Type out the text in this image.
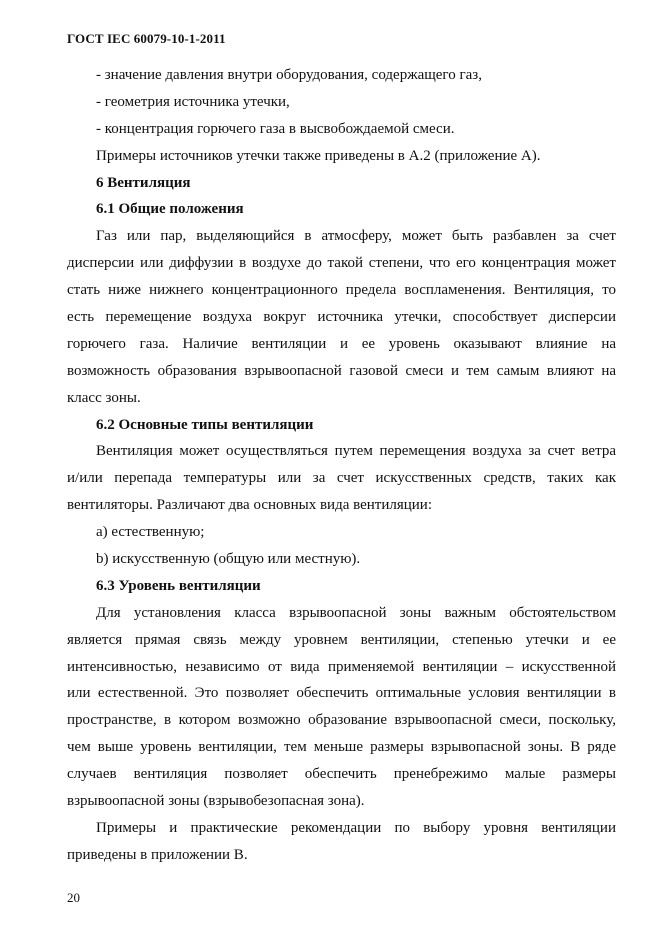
ГОСТ IEC 60079-10-1-2011
- значение давления внутри оборудования, содержащего газ,
- геометрия источника утечки,
- концентрация горючего газа в высвобождаемой смеси.
Примеры источников утечки также приведены в А.2 (приложение А).
6 Вентиляция
6.1 Общие положения
Газ или пар, выделяющийся в атмосферу, может быть разбавлен за счет
дисперсии или диффузии в воздухе до такой степени, что его концентрация может
стать ниже нижнего концентрационного предела воспламенения. Вентиляция, то
есть перемещение воздуха вокруг источника утечки, способствует дисперсии
горючего газа. Наличие вентиляции и ее уровень оказывают влияние на
возможность образования взрывоопасной газовой смеси и тем самым влияют на
класс зоны.
6.2 Основные типы вентиляции
Вентиляция может осуществляться путем перемещения воздуха за счет ветра
и/или перепада температуры или за счет искусственных средств, таких как
вентиляторы. Различают два основных вида вентиляции:
a) естественную;
b) искусственную (общую или местную).
6.3 Уровень вентиляции
Для установления класса взрывоопасной зоны важным обстоятельством
является прямая связь между уровнем вентиляции, степенью утечки и ее
интенсивностью, независимо от вида применяемой вентиляции – искусственной
или естественной. Это позволяет обеспечить оптимальные условия вентиляции в
пространстве, в котором возможно образование взрывоопасной смеси, поскольку,
чем выше уровень вентиляции, тем меньше размеры взрывопасной зоны. В ряде
случаев вентиляция позволяет обеспечить пренебрежимо малые размеры
взрывоопасной зоны (взрывобезопасная зона).
Примеры и практические рекомендации по выбору уровня вентиляции
приведены в приложении В.
20
